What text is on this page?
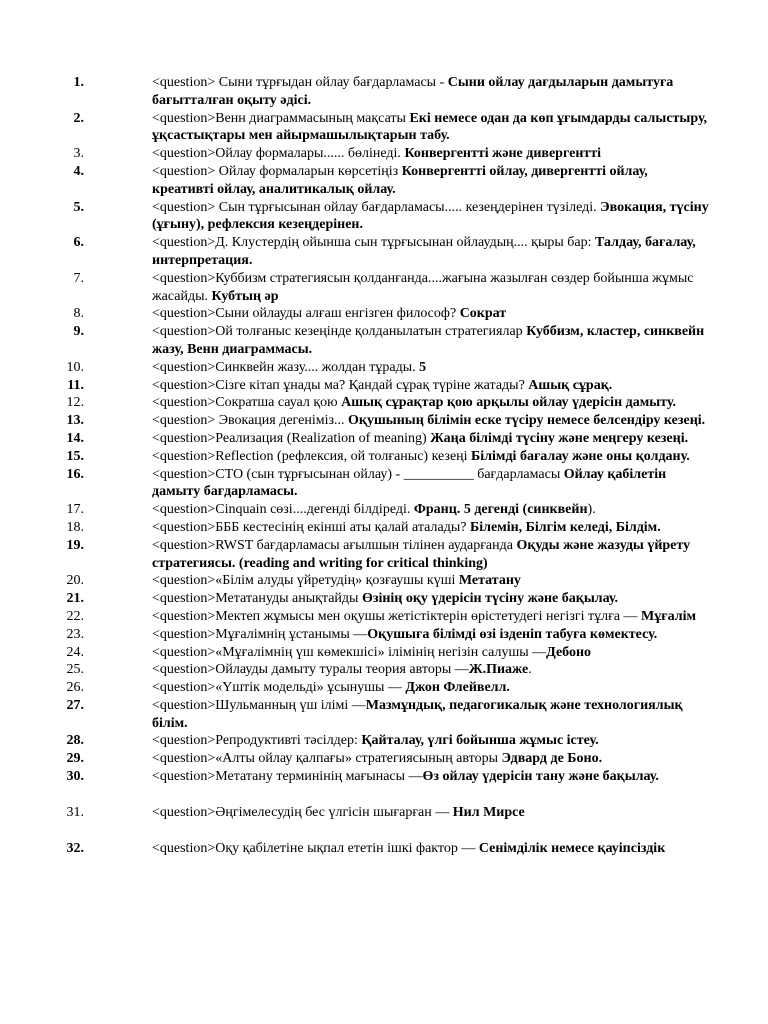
1.	<question> Сыни тұрғыдан ойлау бағдарламасы - Сыни ойлау дағдыларын дамытуға бағытталған оқыту әдісі.
2.	<question>Венн диаграммасының мақсаты Екі немесе одан да көп ұғымдарды салыстыру, ұқсастықтары мен айырмашылықтарын табу.
3.	<question>Ойлау формалары...... бөлінеді. Конвергентті және дивергентті
4.	<question> Ойлау формаларын көрсетіңіз Конвергентті ойлау, дивергентті ойлау, креативті ойлау, аналитикалық ойлау.
5.	<question> Сын тұрғысынан ойлау бағдарламасы..... кезеңдерінен түзіледі. Эвокация, түсіну (ұғыну), рефлексия кезеңдерінен.
6.	<question>Д. Клустердің ойынша сын тұрғысынан ойлаудың.... қыры бар: Талдау, бағалау, интерпретация.
7.	<question>Куббизм стратегиясын қолданғанда....жағына жазылған сөздер бойынша жұмыс жасайды. Кубтың әр
8.	<question>Сыни ойлауды алғаш енгізген философ? Сократ
9.	<question>Ой толғаныс кезеңінде қолданылатын стратегиялар Куббизм, кластер, синквейн жазу, Венн диаграммасы.
10.	<question>Синквейн жазу.... жолдан тұрады. 5
11.	<question>Сізге кітап ұнады ма? Қандай сұрақ түріне жатады? Ашық сұрақ.
12.	<question>Сократша сауал қою Ашық сұрақтар қою арқылы ойлау үдерісін дамыту.
13.	<question> Эвокация дегеніміз... Оқушының білімін еске түсіру немесе белсендіру кезеңі.
14.	<question>Реализация (Realization of meaning) Жаңа білімді түсіну және меңгеру кезеңі.
15.	<question>Reflection (рефлексия, ой толғаныс) кезеңі Білімді бағалау және оны қолдану.
16.	<question>СТО (сын тұрғысынан ойлау) - __________ бағдарламасы Ойлау қабілетін дамыту бағдарламасы.
17.	<question>Cinquain сөзі....дегенді білдіреді. Франц. 5 дегенді (синквейн).
18.	<question>БББ кестесінің екінші аты қалай аталады? Білемін, Білгім келеді, Білдім.
19.	<question>RWST бағдарламасы ағылшын тілінен аударғанда Оқуды және жазуды үйрету стратегиясы. (reading and writing for critical thinking)
20.	<question>«Білім алуды үйретудің» қозғаушы күші Метатану
21.	<question>Метатануды анықтайды Өзінің оқу үдерісін түсіну және бақылау.
22.	<question>Мектеп жұмысы мен оқушы жетістіктерін өрістетудегі негізгі тұлға — Мұғалім
23.	<question>Мұғалімнің ұстанымы —Оқушыға білімді өзі ізденіп табуға көмектесу.
24.	<question>«Мұғалімнің үш көмекшісі» ілімінің негізін салушы —Дебоно
25.	<question>Ойлауды дамыту туралы теория авторы —Ж.Пиаже.
26.	<question>«Үштік модельді» ұсынушы — Джон Флейвелл.
27.	<question>Шульманның үш ілімі —Мазмұндық, педагогикалық және технологиялық білім.
28.	<question>Репродуктивті тәсілдер: Қайталау, үлгі бойынша жұмыс істеу.
29.	<question>«Алты ойлау қалпағы» стратегиясының авторы Эдвард де Боно.
30.	<question>Метатану терминінің мағынасы —Өз ойлау үдерісін тану және бақылау.
31.	<question>Әңгімелесудің бес үлгісін шығарған — Нил Мирсе
32.	<question>Оқу қабілетіне ықпал ететін ішкі фактор — Сенімділік немесе қауіпсіздік
